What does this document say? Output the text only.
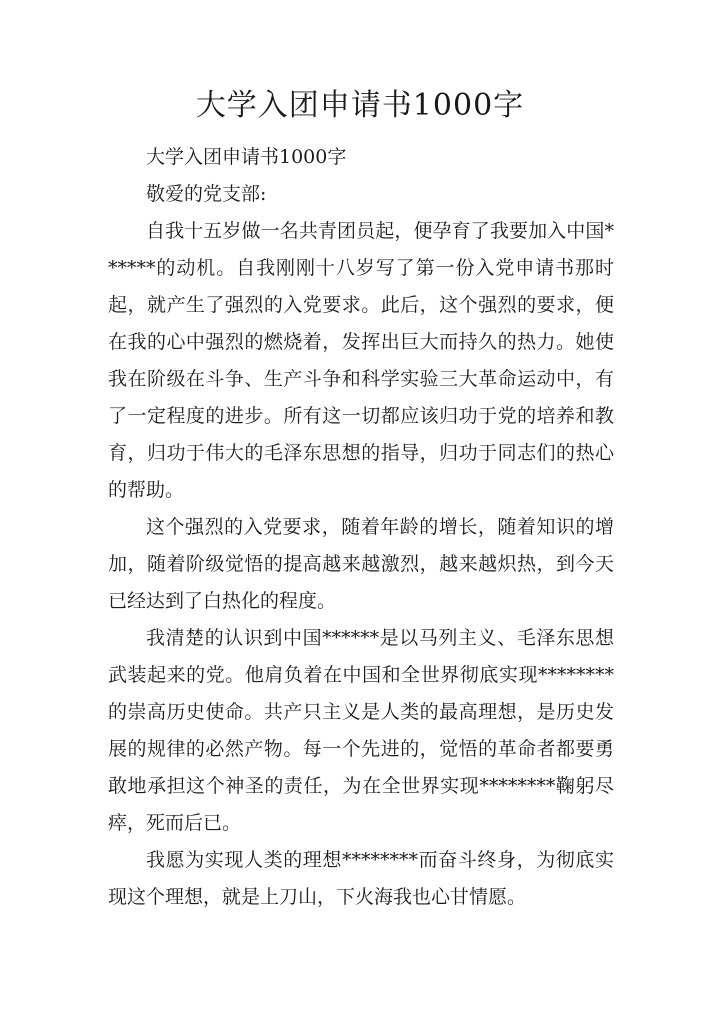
大学入团申请书1000字

大学入团申请书1000字

敬爱的党支部:

自我十五岁做一名共青团员起，便孕育了我要加入中国******的动机。自我刚刚十八岁写了第一份入党申请书那时起，就产生了强烈的入党要求。此后，这个强烈的要求，便在我的心中强烈的燃烧着，发挥出巨大而持久的热力。她使我在阶级在斗争、生产斗争和科学实验三大革命运动中，有了一定程度的进步。所有这一切都应该归功于党的培养和教育，归功于伟大的毛泽东思想的指导，归功于同志们的热心的帮助。

这个强烈的入党要求，随着年龄的增长，随着知识的增加，随着阶级觉悟的提高越来越激烈，越来越炽热，到今天已经达到了白热化的程度。

我清楚的认识到中国******是以马列主义、毛泽东思想武装起来的党。他肩负着在中国和全世界彻底实现********的崇高历史使命。共产只主义是人类的最高理想，是历史发展的规律的必然产物。每一个先进的，觉悟的革命者都要勇敢地承担这个神圣的责任，为在全世界实现********鞠躬尽瘁，死而后已。

我愿为实现人类的理想********而奋斗终身，为彻底实现这个理想，就是上刀山，下火海我也心甘情愿。
